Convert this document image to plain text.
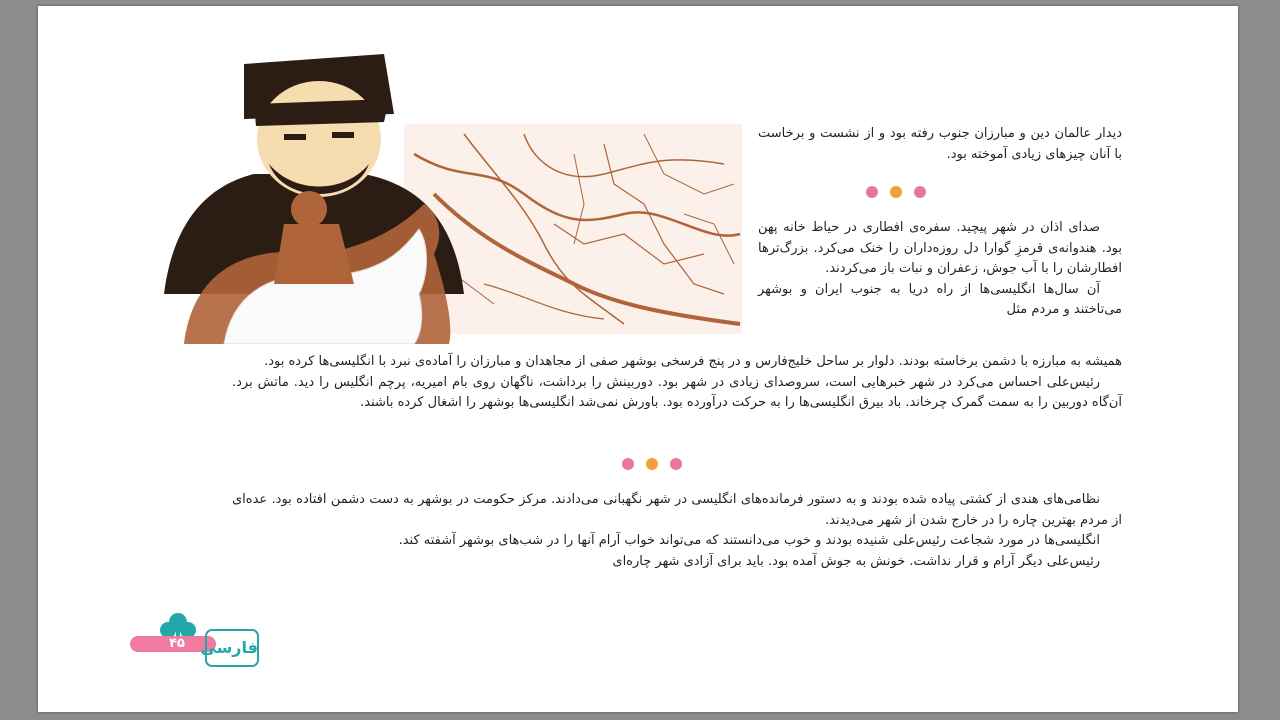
دیدار عالمان دین و مبارزان جنوب رفته بود و از نشست و برخاست با آنان چیزهای زیادی آموخته بود.

صدای اذان در شهر پیچید. سفره‌ی افطاری در حیاط خانه پهن بود. هندوانه‌ی قرمزِ گوارا دل روزه‌داران را خنک می‌کرد. بزرگ‌ترها افطارشان را با آب جوش، زعفران و نبات باز می‌کردند.

آن سال‌ها انگلیسی‌ها از راه دریا به جنوب ایران و بوشهر می‌تاختند و مردم مثل

همیشه به مبارزه با دشمن برخاسته بودند. دلوار بر ساحل خلیج‌فارس و در پنج فرسخی بوشهر صفی از مجاهدان و مبارزان را آماده‌ی نبرد با انگلیسی‌ها کرده بود.

رئیس‌علی احساس می‌کرد در شهر خبرهایی است، سروصدای زیادی در شهر بود. دوربینش را برداشت، ناگهان روی بام امیریه، پرچم انگلیس را دید. ماتش برد. آن‌گاه دوربین را به سمت گمرک چرخاند. باد بیرق انگلیسی‌ها را به حرکت درآورده بود. باورش نمی‌شد انگلیسی‌ها بوشهر را اشغال کرده باشند.

نظامی‌های هندی از کشتی پیاده شده بودند و به دستور فرمانده‌های انگلیسی در شهر نگهبانی می‌دادند. مرکز حکومت در بوشهر به دست دشمن افتاده بود. عده‌ای از مردم بهترین چاره را در خارج شدن از شهر می‌دیدند.

انگلیسی‌ها در مورد شجاعت رئیس‌علی شنیده بودند و خوب می‌دانستند که می‌تواند خواب آرام آنها را در شب‌های بوشهر آشفته کند.

رئیس‌علی دیگر آرام و قرار نداشت. خونش به جوش آمده بود. باید برای آزادی شهر چاره‌ای

۴۵ فارسی
